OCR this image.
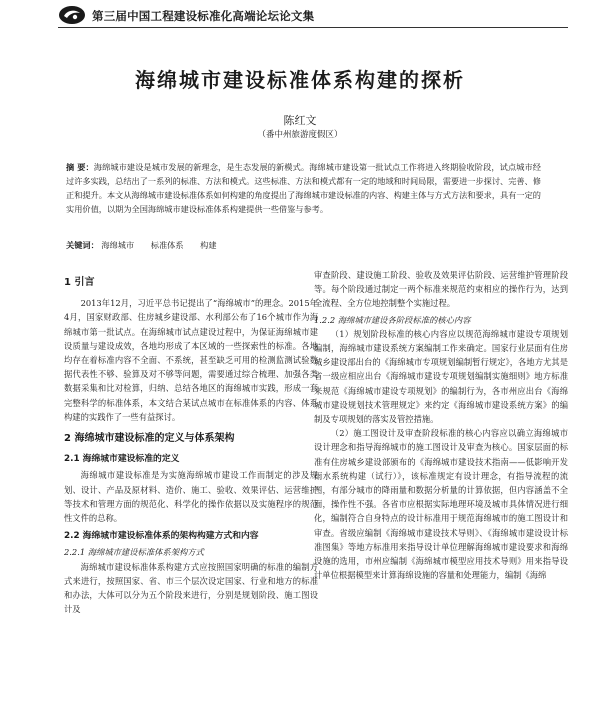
第三届中国工程建设标准化高端论坛论文集
海绵城市建设标准体系构建的探析
陈红文
（番中州旅游度假区）
摘 要：海绵城市建设是城市发展的新理念，是生态发展的新模式。海绵城市建设第一批试点工作将进入终期验收阶段，试点城市经过许多实践，总结出了一系列的标准、方法和模式。这些标准、方法和模式都有一定的地域和时间局限，需要进一步探讨、完善、修正和提升。本文从海绵城市建设标准体系如何构建的角度提出了海绵城市建设标准的内容、构建主体与方式方法和要求，具有一定的实用价值，以期为全国海绵城市建设标准体系构建提供一些借鉴与参考。
关键词： 海绵城市 标准体系 构建
1 引言

2013年12月，习近平总书记提出了“海绵城市”的理念。2015年4月，国家财政部、住房城乡建设部、水利部公布了16个城市作为海绵城市第一批试点。在海绵城市试点建设过程中，为保证海绵城市建设质量与建设成效，各地均形成了本区域的一些探索性的标准。各地均存在着标准内容不全面、不系统，甚至缺乏可用的检测监测试验数据代表性不够、验算及对不够等问题，需要通过综合梳理、加强各类数据采集和比对检算，归纳、总结各地区的海绵城市实践，形成一套完整科学的标准体系，本文结合某试点城市在标准体系的内容、体系构建的实践作了一些有益探讨。

2 海绵城市建设标准的定义与体系架构
2.1 海绵城市建设标准的定义

海绵城市建设标准是为实施海绵城市建设工作而制定的涉及规划、设计、产品及原材料、造价、施工、验收、效果评估、运营维护等技术和管理方面的规范化、科学化的操作依据以及实施程序的规范性文件的总称。

2.2 海绵城市建设标准体系的架构构建方式和内容
2.2.1 海绵城市建设标准体系架构方式

海绵城市建设标准体系构建方式应按照国家明确的标准的编制方式来进行，按照国家、省、市三个层次设定国家、行业和地方的标准和办法，大体可以分为五个阶段来进行，分别是规划阶段、施工图设计及

审查阶段、建设施工阶段、验收及效果评估阶段、运营维护管理阶段等。每个阶段通过制定一两个标准来规范约束相应的操作行为，达到全流程、全方位地控制整个实施过程。

1.2.2 海绵城市建设各阶段标准的核心内容

（1）规划阶段标准的核心内容应以规范海绵城市建设专项规划编制，海绵城市建设系统方案编制工作来确定。国家行业层面有住房城乡建设部出台的《海绵城市专项规划编制暂行规定》，各地方尤其是省一级应相应出台《海绵城市建设专项规划编制实施细则》地方标准来规范《海绵城市建设专项规划》的编制行为，各市州应出台《海绵城市建设规划技术管理规定》来约定《海绵城市建设系统方案》的编制及专项规划的落实及管控措施。

（2）施工图设计及审查阶段标准的核心内容应以确立海绵城市设计理念和指导海绵城市的施工图设计及审查为核心。国家层面的标准有住房城乡建设部颁布的《海绵城市建设技术指南——低影响开发雨水系统构建（试行）》，该标准规定有设计理念，有指导流程的流图，有部分城市的降雨量和数据分析量的计算依据，但内容涵盖不全面，操作性不强。各省市应根据实际地理环境及城市具体情况进行细化，编制符合自身特点的设计标准用于规范海绵城市的施工图设计和审查。省级应编制《海绵城市建设技术导则》、《海绵城市建设设计标准图集》等地方标准用来指导设计单位理解海绵城市建设要求和海绵设施的选用，市州应编制《海绵城市模型应用技术导则》用来指导设计单位根据模型来计算海绵设施的容量和处理能力，编制《海绵
